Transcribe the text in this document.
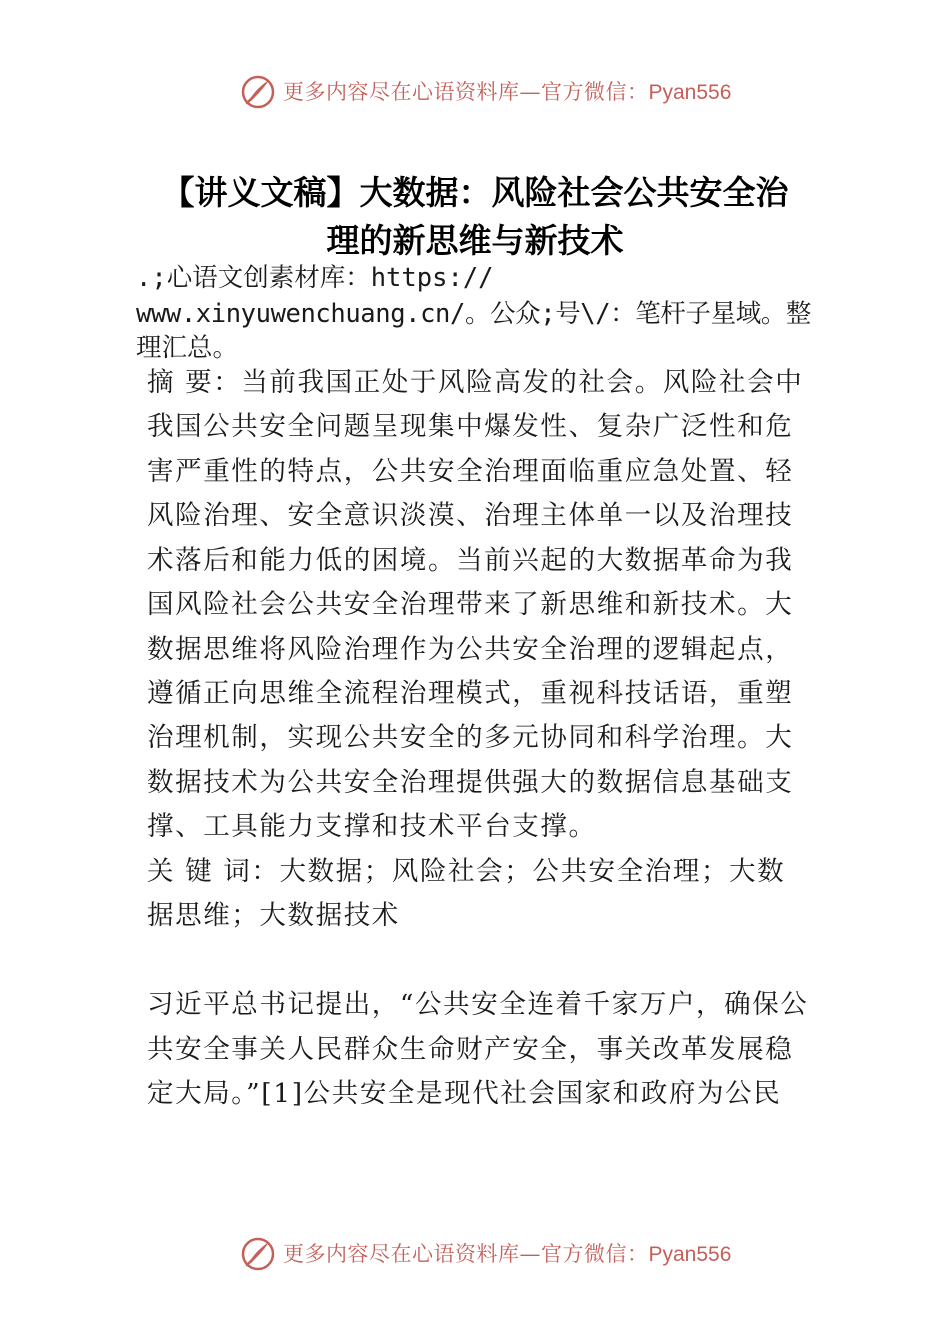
更多内容尽在心语资料库—官方微信：Pyan556
【讲义文稿】大数据：风险社会公共安全治
理的新思维与新技术
.;心语文创素材库：https://
www.xinyuwenchuang.cn/。公众;号\/：笔杆子星域。整
理汇总。
摘 要：当前我国正处于风险高发的社会。风险社会中
我国公共安全问题呈现集中爆发性、复杂广泛性和危
害严重性的特点，公共安全治理面临重应急处置、轻
风险治理、安全意识淡漠、治理主体单一以及治理技
术落后和能力低的困境。当前兴起的大数据革命为我
国风险社会公共安全治理带来了新思维和新技术。大
数据思维将风险治理作为公共安全治理的逻辑起点，
遵循正向思维全流程治理模式，重视科技话语，重塑
治理机制，实现公共安全的多元协同和科学治理。大
数据技术为公共安全治理提供强大的数据信息基础支
撑、工具能力支撑和技术平台支撑。
关 键 词：大数据；风险社会；公共安全治理；大数
据思维；大数据技术
习近平总书记提出，“公共安全连着千家万户，确保公
共安全事关人民群众生命财产安全，事关改革发展稳
定大局。”[1]公共安全是现代社会国家和政府为公民
更多内容尽在心语资料库—官方微信：Pyan556
